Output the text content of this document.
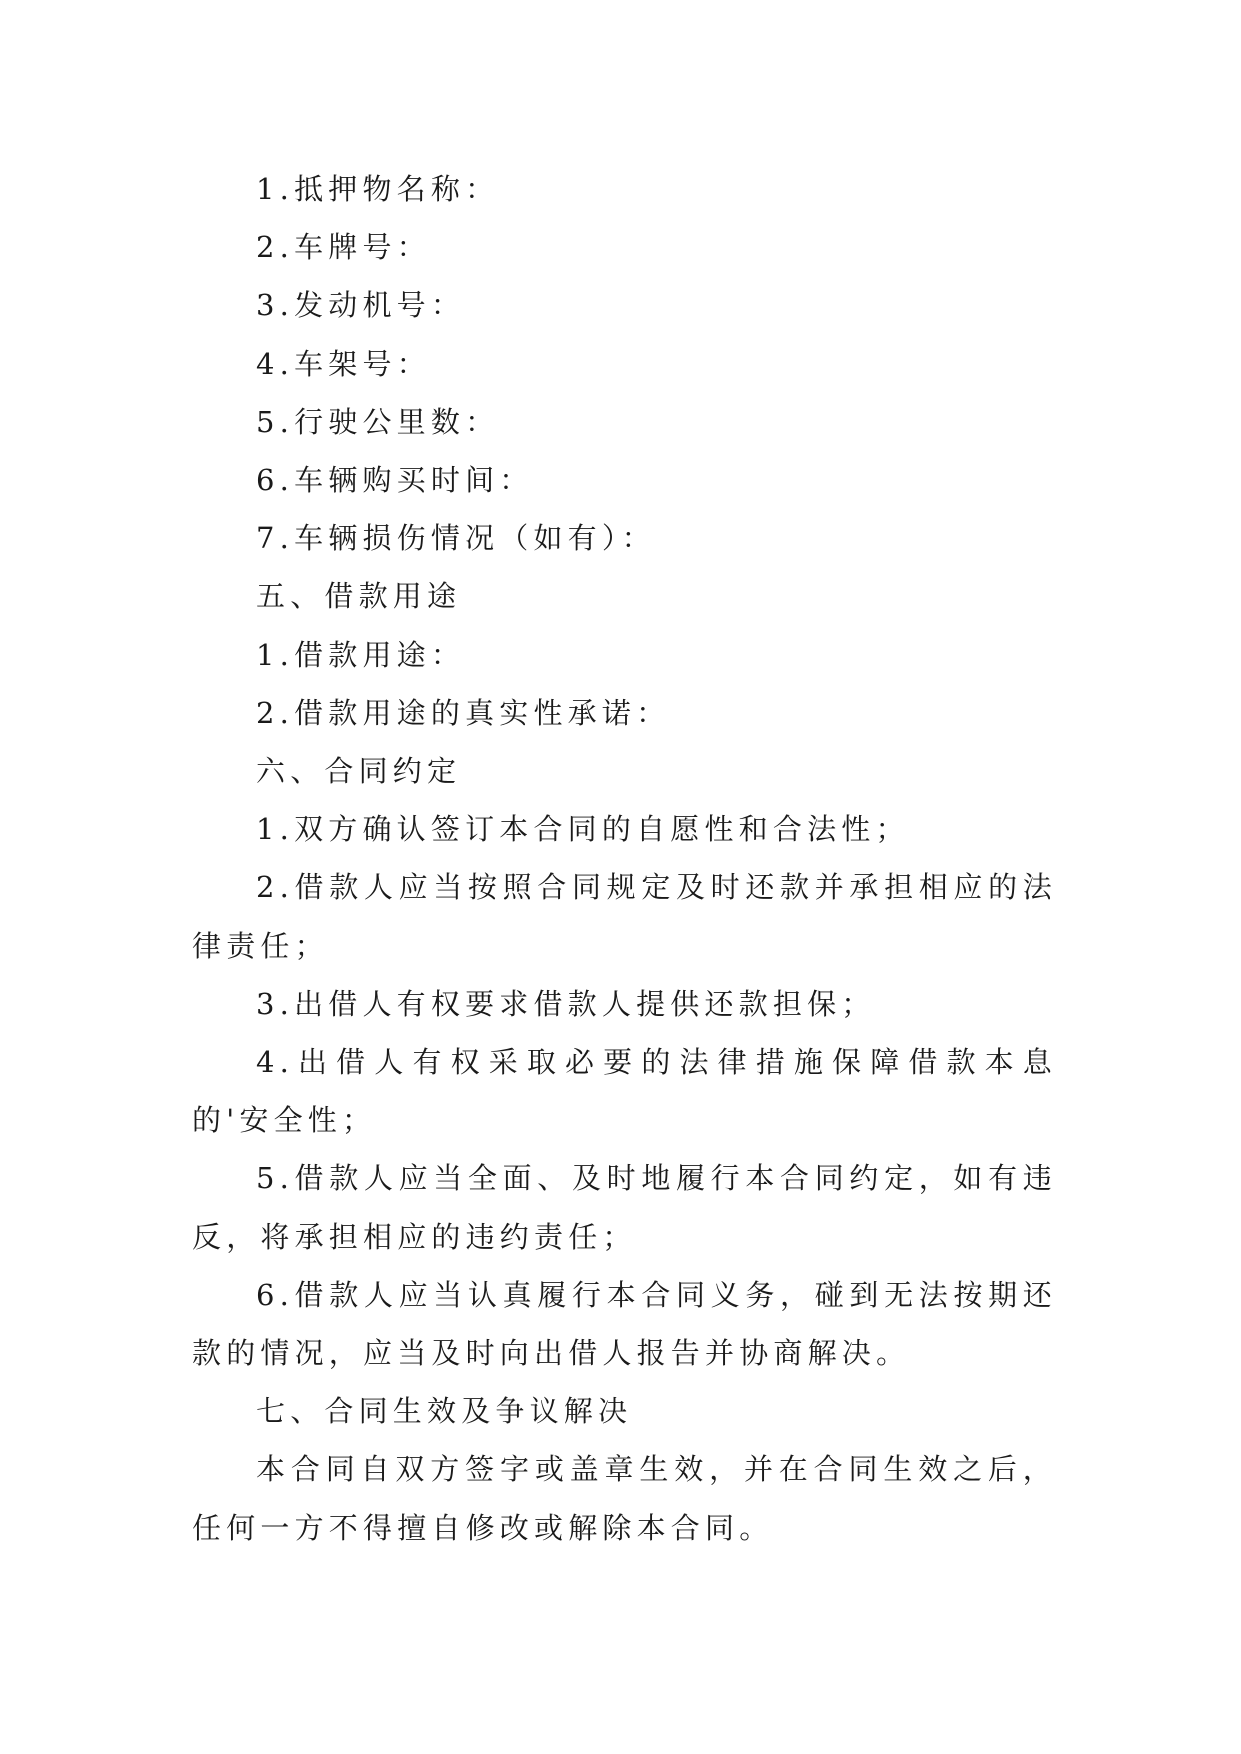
1.抵押物名称：

2.车牌号：

3.发动机号：

4.车架号：

5.行驶公里数：

6.车辆购买时间：

7.车辆损伤情况（如有）：

五、借款用途

1.借款用途：

2.借款用途的真实性承诺：

六、合同约定

1.双方确认签订本合同的自愿性和合法性；

2.借款人应当按照合同规定及时还款并承担相应的法律责任；

3.出借人有权要求借款人提供还款担保；

4.出借人有权采取必要的法律措施保障借款本息的'安全性；

5.借款人应当全面、及时地履行本合同约定，如有违反，将承担相应的违约责任；

6.借款人应当认真履行本合同义务，碰到无法按期还款的情况，应当及时向出借人报告并协商解决。

七、合同生效及争议解决

本合同自双方签字或盖章生效，并在合同生效之后，任何一方不得擅自修改或解除本合同。
